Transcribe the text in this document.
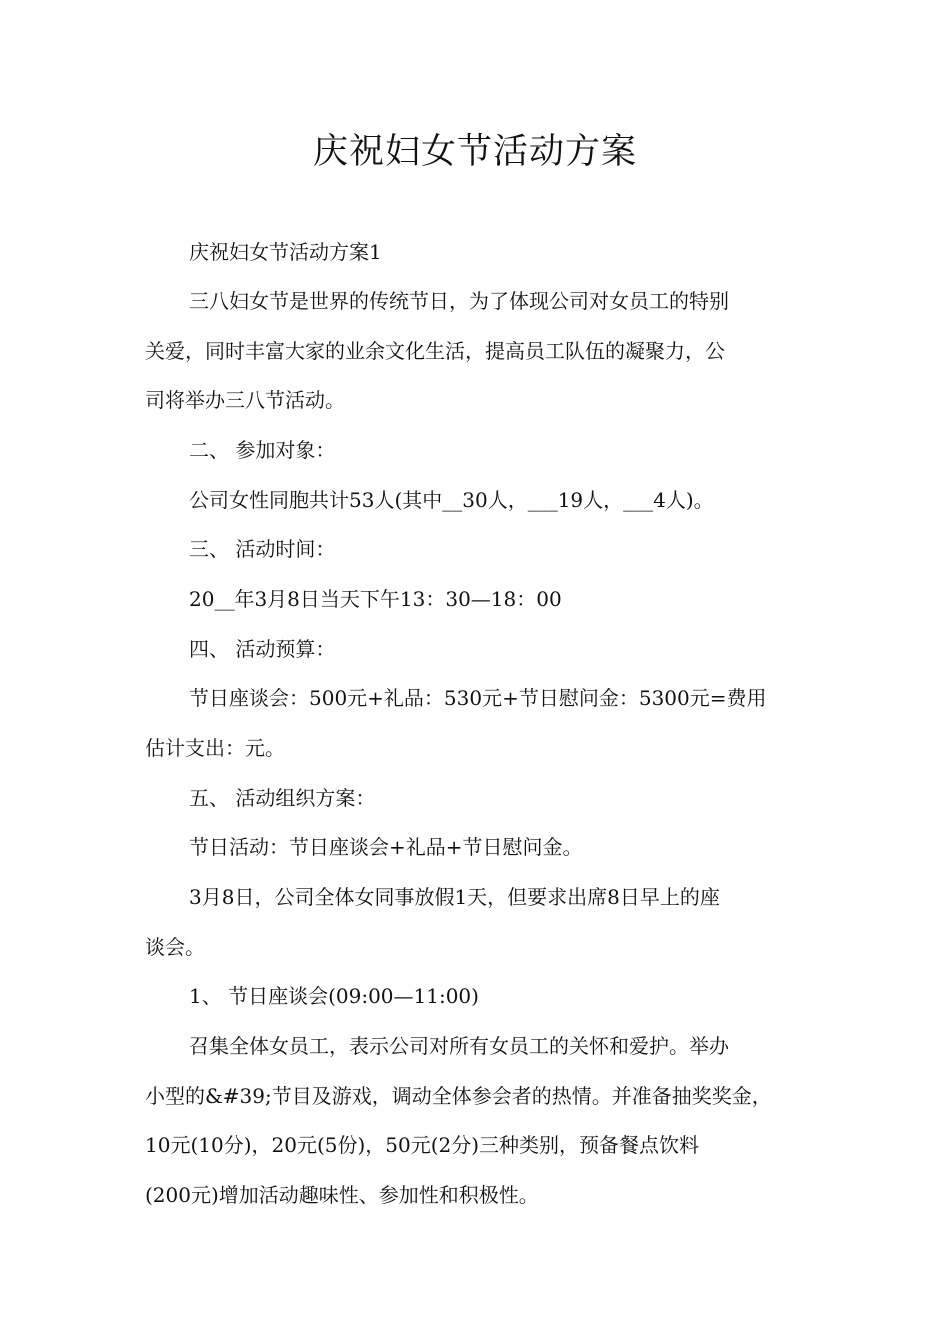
庆祝妇女节活动方案

庆祝妇女节活动方案1

三八妇女节是世界的传统节日，为了体现公司对女员工的特别

关爱，同时丰富大家的业余文化生活，提高员工队伍的凝聚力，公

司将举办三八节活动。

二、 参加对象：

公司女性同胞共计53人(其中__30人，___19人，___4人)。

三、 活动时间：

20__年3月8日当天下午13：30—18：00

四、 活动预算：

节日座谈会：500元+礼品：530元+节日慰问金：5300元=费用

估计支出：元。

五、 活动组织方案：

节日活动：节日座谈会+礼品+节日慰问金。

3月8日，公司全体女同事放假1天，但要求出席8日早上的座

谈会。

1、 节日座谈会(09:00—11:00)

召集全体女员工，表示公司对所有女员工的关怀和爱护。举办

小型的&#39;节目及游戏，调动全体参会者的热情。并准备抽奖奖金，

10元(10分)，20元(5份)，50元(2分)三种类别，预备餐点饮料

(200元)增加活动趣味性、参加性和积极性。
